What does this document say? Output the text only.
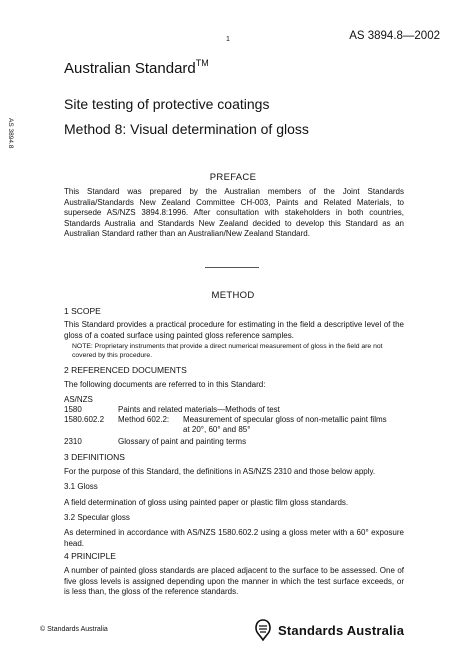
1	AS 3894.8—2002
AS 3894.8
Australian Standard™
Site testing of protective coatings
Method 8: Visual determination of gloss
PREFACE
This Standard was prepared by the Australian members of the Joint Standards Australia/Standards New Zealand Committee CH-003, Paints and Related Materials, to supersede AS/NZS 3894.8:1996. After consultation with stakeholders in both countries, Standards Australia and Standards New Zealand decided to develop this Standard as an Australian Standard rather than an Australian/New Zealand Standard.
METHOD
1 SCOPE
This Standard provides a practical procedure for estimating in the field a descriptive level of the gloss of a coated surface using painted gloss reference samples.
NOTE: Proprietary instruments that provide a direct numerical measurement of gloss in the field are not covered by this procedure.
2 REFERENCED DOCUMENTS
The following documents are referred to in this Standard:
AS/NZS
1580	Paints and related materials—Methods of test
1580.602.2 Method 602.2: Measurement of specular gloss of non-metallic paint films
at 20°, 60° and 85°
2310	Glossary of paint and painting terms
3 DEFINITIONS
For the purpose of this Standard, the definitions in AS/NZS 2310 and those below apply.
3.1 Gloss
A field determination of gloss using painted paper or plastic film gloss standards.
3.2 Specular gloss
As determined in accordance with AS/NZS 1580.602.2 using a gloss meter with a 60° exposure head.
4 PRINCIPLE
A number of painted gloss standards are placed adjacent to the surface to be assessed. One of five gloss levels is assigned depending upon the manner in which the test surface exceeds, or is less than, the gloss of the reference standards.
© Standards Australia	Standards Australia
